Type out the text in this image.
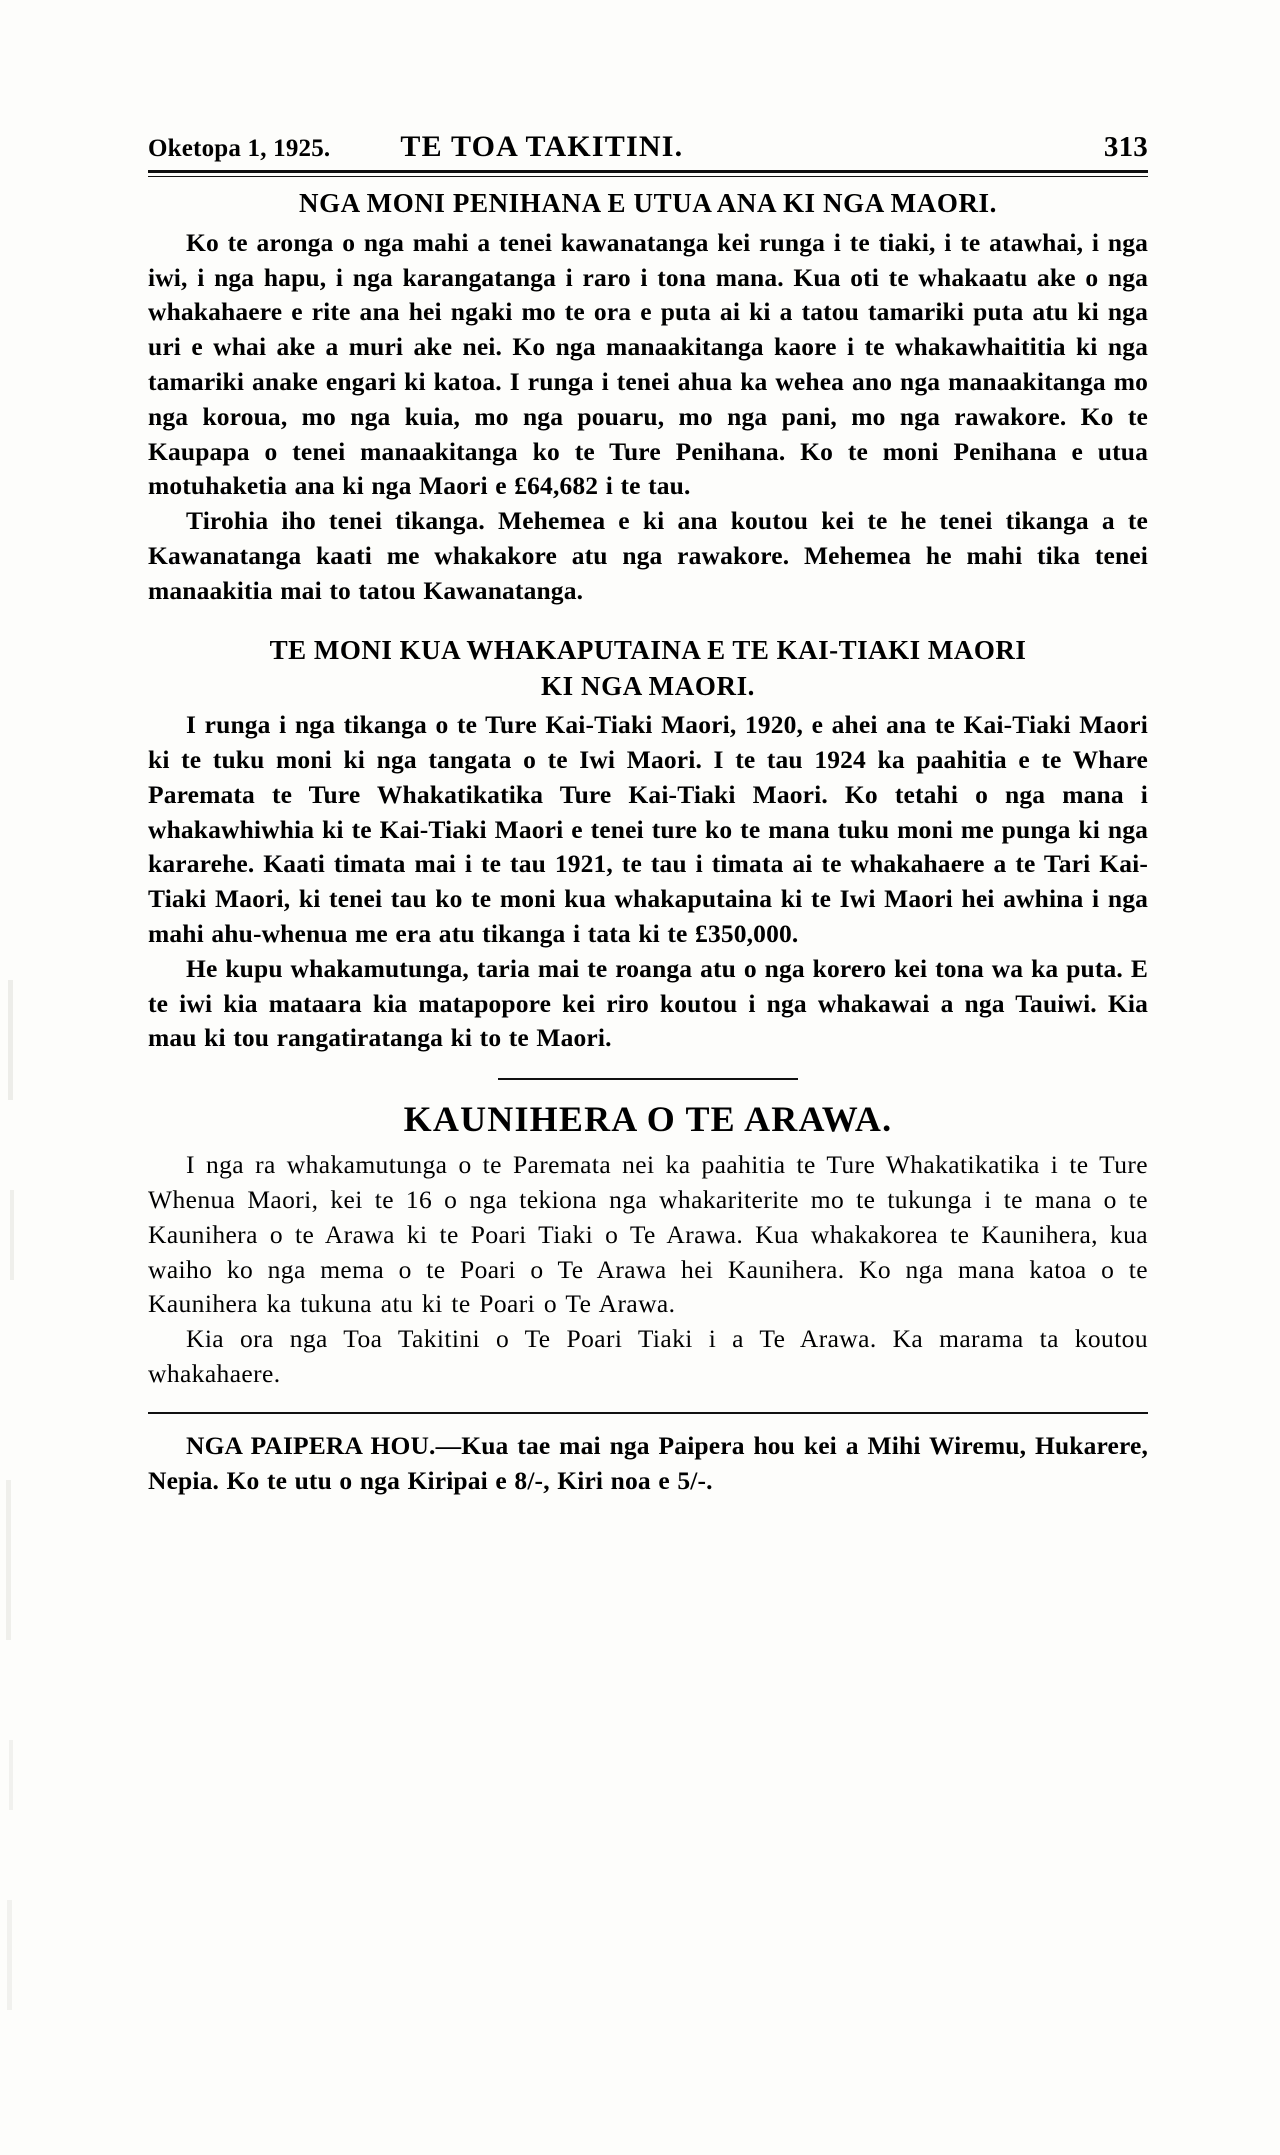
Oketopa 1, 1925. TE TOA TAKITINI.	313
NGA MONI PENIHANA E UTUA ANA KI NGA MAORI.

Ko te aronga o nga mahi a tenei kawanatanga kei runga i te tiaki, i te atawhai, i nga iwi, i nga hapu, i nga karangatanga i raro i tona mana. Kua oti te whakaatu ake o nga whakahaere e rite ana hei ngaki mo te ora e puta ai ki a tatou tamariki puta atu ki nga uri e whai ake a muri ake nei. Ko nga manaakitanga kaore i te whakawhaititia ki nga tamariki anake engari ki katoa. I runga i tenei ahua ka wehea ano nga manaakitanga mo nga koroua, mo nga kuia, mo nga pouaru, mo nga pani, mo nga rawakore. Ko te Kaupapa o tenei manaakitanga ko te Ture Penihana. Ko te moni Penihana e utua motuhaketia ana ki nga Maori e £64,682 i te tau.

Tirohia iho tenei tikanga. Mehemea e ki ana koutou kei te he tenei tikanga a te Kawanatanga kaati me whakakore atu nga rawakore. Mehemea he mahi tika tenei manaakitia mai to tatou Kawanatanga.

TE MONI KUA WHAKAPUTAINA E TE KAI-TIAKI MAORI
KI NGA MAORI.

I runga i nga tikanga o te Ture Kai-Tiaki Maori, 1920, e ahei ana te Kai-Tiaki Maori ki te tuku moni ki nga tangata o te Iwi Maori. I te tau 1924 ka paahitia e te Whare Paremata te Ture Whakatikatika Ture Kai-Tiaki Maori. Ko tetahi o nga mana i whakawhiwhia ki te Kai-Tiaki Maori e tenei ture ko te mana tuku moni me punga ki nga kararehe. Kaati timata mai i te tau 1921, te tau i timata ai te whakahaere a te Tari Kai-Tiaki Maori, ki tenei tau ko te moni kua whakaputaina ki te Iwi Maori hei awhina i nga mahi ahu-whenua me era atu tikanga i tata ki te £350,000.

He kupu whakamutunga, taria mai te roanga atu o nga korero kei tona wa ka puta. E te iwi kia mataara kia matapopore kei riro koutou i nga whakawai a nga Tauiwi. Kia mau ki tou rangatiratanga ki to te Maori.

KAUNIHERA O TE ARAWA.

I nga ra whakamutunga o te Paremata nei ka paahitia te Ture Whakatikatika i te Ture Whenua Maori, kei te 16 o nga tekiona nga whakariterite mo te tukunga i te mana o te Kaunihera o te Arawa ki te Poari Tiaki o Te Arawa. Kua whakakorea te Kaunihera, kua waiho ko nga mema o te Poari o Te Arawa hei Kaunihera. Ko nga mana katoa o te Kaunihera ka tukuna atu ki te Poari o Te Arawa.

Kia ora nga Toa Takitini o Te Poari Tiaki i a Te Arawa. Ka marama ta koutou whakahaere.

NGA PAIPERA HOU.—Kua tae mai nga Paipera hou kei a Mihi Wiremu, Hukarere, Nepia. Ko te utu o nga Kiripai e 8/-, Kiri noa e 5/-.
